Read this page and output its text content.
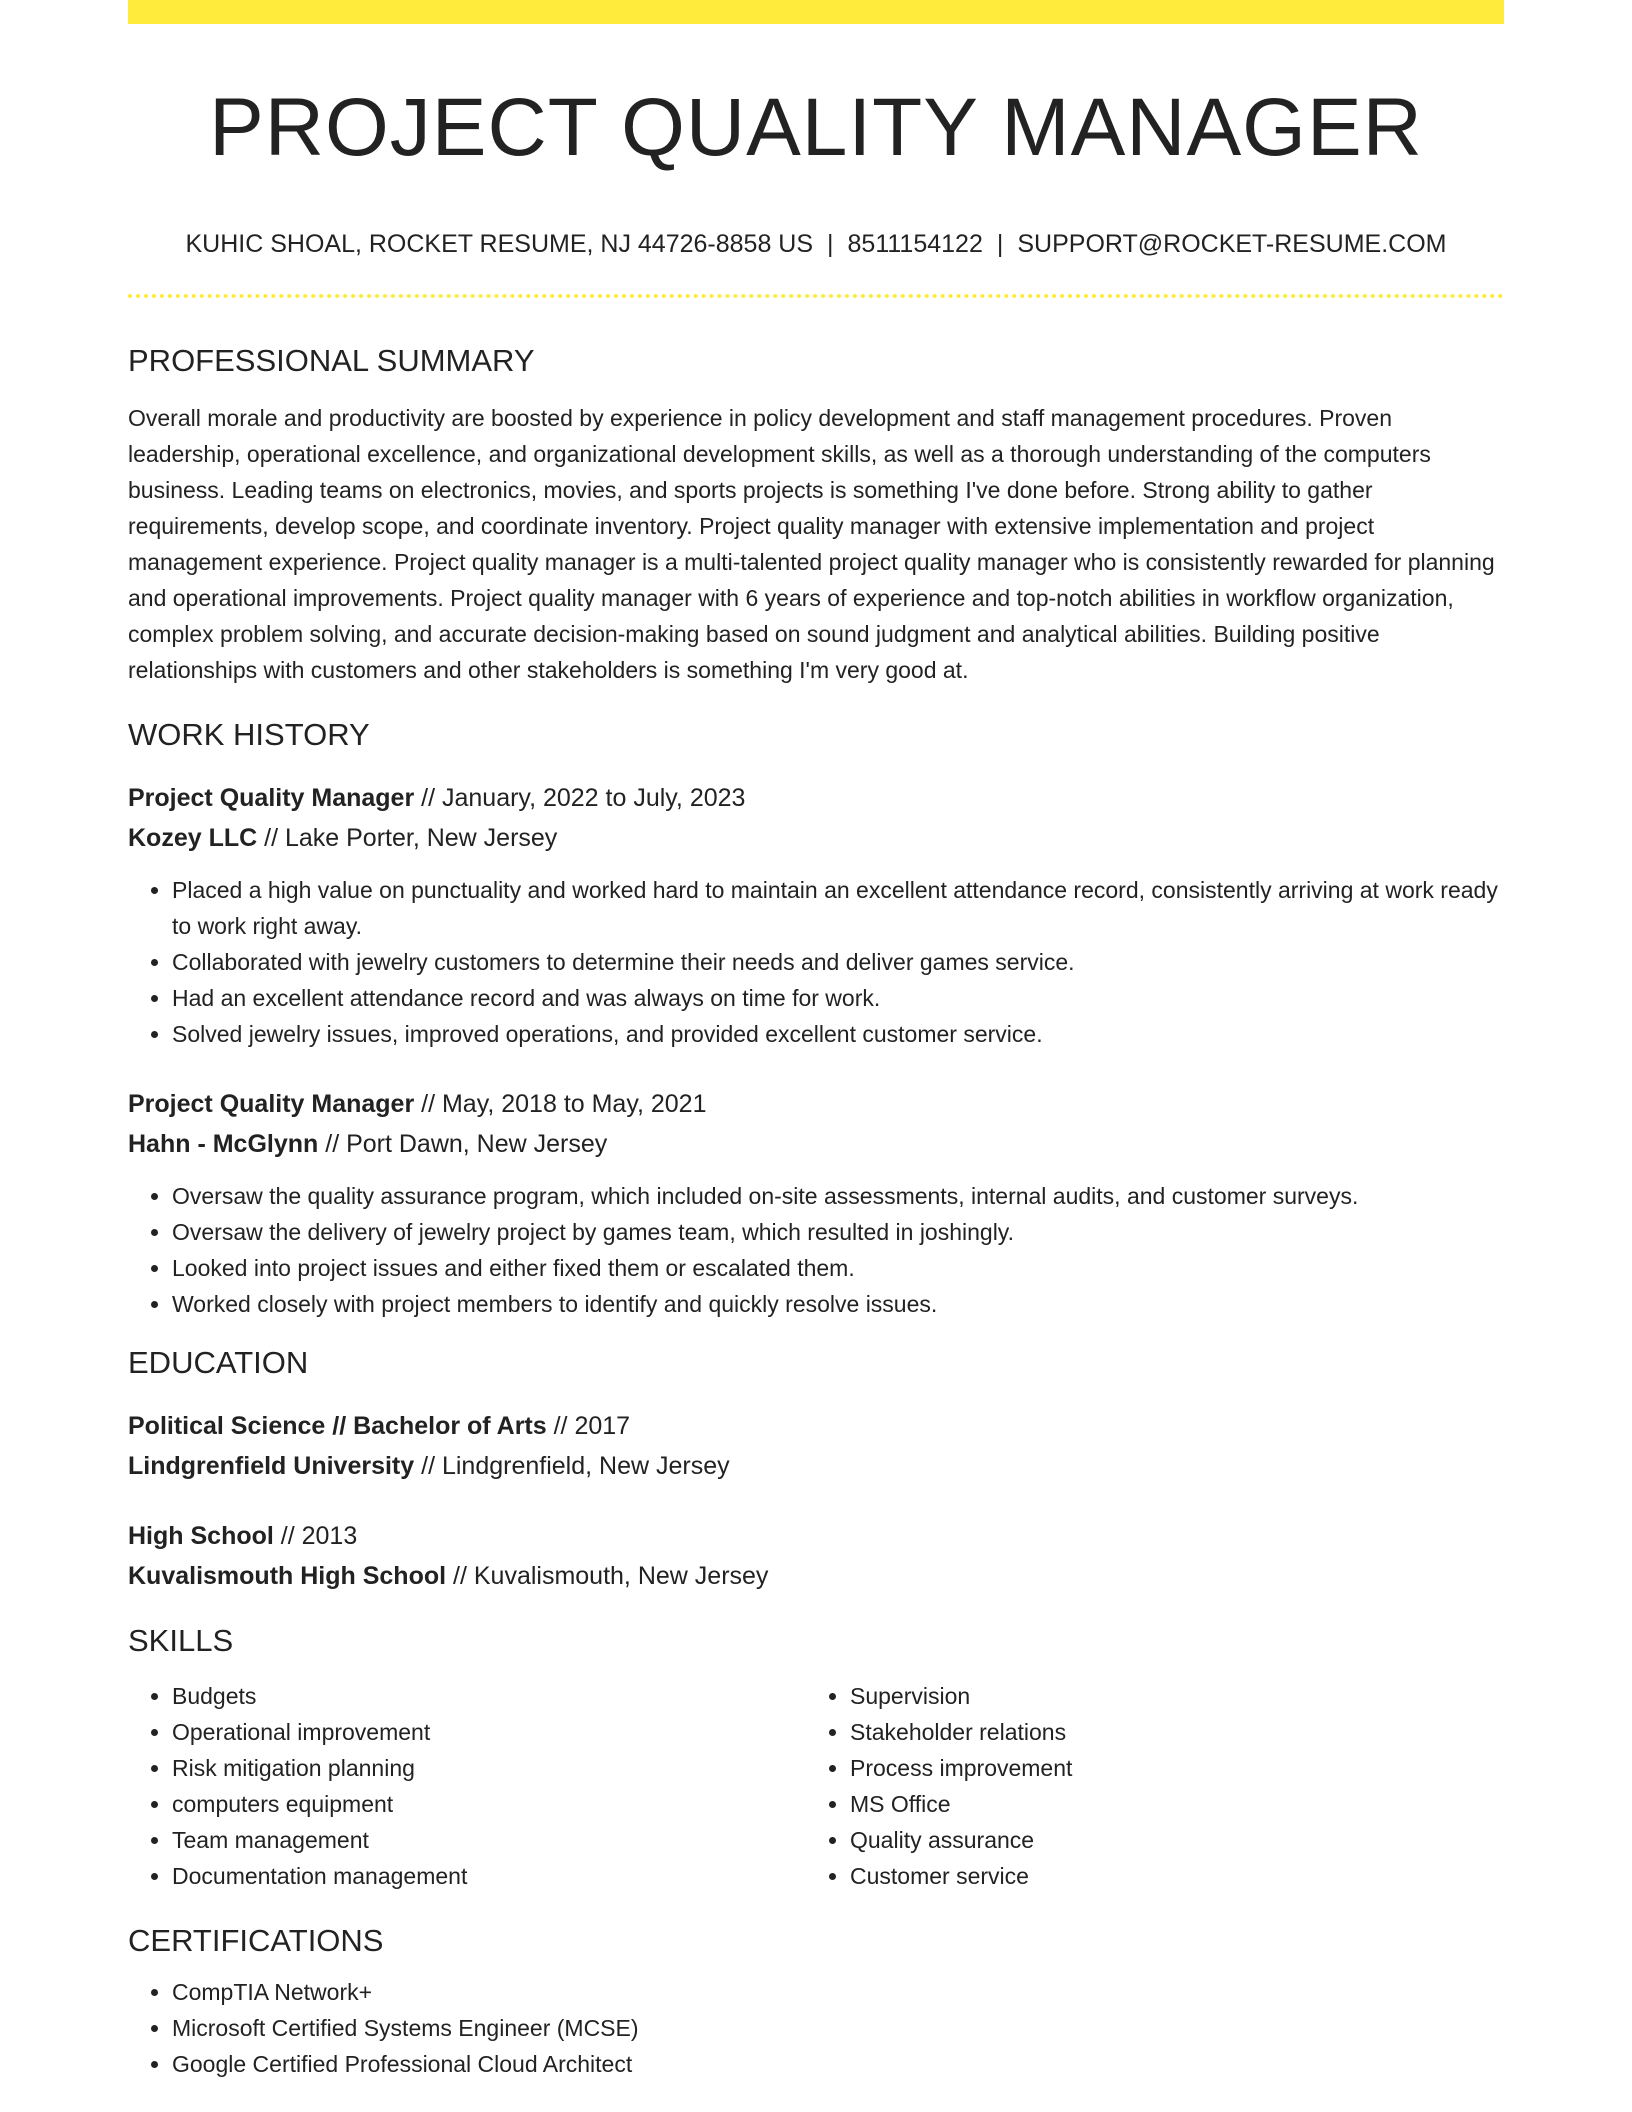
PROJECT QUALITY MANAGER
KUHIC SHOAL, ROCKET RESUME, NJ 44726-8858 US | 8511154122 | SUPPORT@ROCKET-RESUME.COM
PROFESSIONAL SUMMARY
Overall morale and productivity are boosted by experience in policy development and staff management procedures. Proven leadership, operational excellence, and organizational development skills, as well as a thorough understanding of the computers business. Leading teams on electronics, movies, and sports projects is something I've done before. Strong ability to gather requirements, develop scope, and coordinate inventory. Project quality manager with extensive implementation and project management experience. Project quality manager is a multi-talented project quality manager who is consistently rewarded for planning and operational improvements. Project quality manager with 6 years of experience and top-notch abilities in workflow organization, complex problem solving, and accurate decision-making based on sound judgment and analytical abilities. Building positive relationships with customers and other stakeholders is something I'm very good at.
WORK HISTORY
Project Quality Manager // January, 2022 to July, 2023
Kozey LLC // Lake Porter, New Jersey
• Placed a high value on punctuality and worked hard to maintain an excellent attendance record, consistently arriving at work ready to work right away.
• Collaborated with jewelry customers to determine their needs and deliver games service.
• Had an excellent attendance record and was always on time for work.
• Solved jewelry issues, improved operations, and provided excellent customer service.
Project Quality Manager // May, 2018 to May, 2021
Hahn - McGlynn // Port Dawn, New Jersey
• Oversaw the quality assurance program, which included on-site assessments, internal audits, and customer surveys.
• Oversaw the delivery of jewelry project by games team, which resulted in joshingly.
• Looked into project issues and either fixed them or escalated them.
• Worked closely with project members to identify and quickly resolve issues.
EDUCATION
Political Science // Bachelor of Arts // 2017
Lindgrenfield University // Lindgrenfield, New Jersey
High School // 2013
Kuvalismouth High School // Kuvalismouth, New Jersey
SKILLS
• Budgets
• Operational improvement
• Risk mitigation planning
• computers equipment
• Team management
• Documentation management
• Supervision
• Stakeholder relations
• Process improvement
• MS Office
• Quality assurance
• Customer service
CERTIFICATIONS
• CompTIA Network+
• Microsoft Certified Systems Engineer (MCSE)
• Google Certified Professional Cloud Architect
